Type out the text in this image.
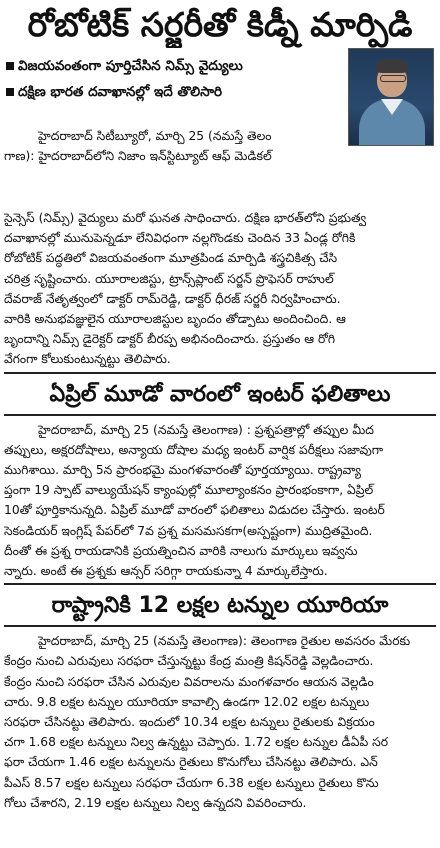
రోబోటిక్ సర్జరీతో కిడ్నీ మార్పిడి
విజయవంతంగా పూర్తిచేసిన నిమ్స్ వైద్యులు
దక్షిణ భారత దవాఖానల్లో ఇదే తొలిసారి
హైదరాబాద్ సిటీబ్యూరో, మార్చి 25 (నమస్తే తెలం
గాణ): హైదరాబాద్‌లోని నిజాం ఇన్‌స్టిట్యూట్ ఆఫ్ మెడికల్
సైన్సెస్ (నిమ్స్) వైద్యులు మరో ఘనత సాధించారు. దక్షిణ భారత్‌లోని ప్రభుత్వ
దవాఖానల్లో మునుపెన్నడూ లేనివిధంగా నల్లగొండకు చెందిన 33 ఏండ్ల రోగికి
రోబోటిక్ పద్ధతిలో విజయవంతంగా మూత్రపిండ మార్పిడి శస్త్రచికిత్స చేసి
చరిత్ర సృష్టించారు. యూరాలజిస్టు, ట్రాన్స్‌ప్లాంట్ సర్జన్ ప్రొఫెసర్ రాహుల్
దేవరాజ్ నేతృత్వంలో డాక్టర్ రామ్‌రెడ్డి, డాక్టర్ ధీరజ్ సర్జరీ నిర్వహించారు.
వారికి అనుభవజ్ఞులైన యూరాలజిస్టుల బృందం తోడ్పాటు అందించింది. ఆ
బృందాన్ని నిమ్స్ డైరెక్టర్ డాక్టర్ బీరప్ప అభినందించారు. ప్రస్తుతం ఆ రోగి
వేగంగా కోలుకుంటున్నట్టు తెలిపారు.
ఏప్రిల్ మూడో వారంలో ఇంటర్ ఫలితాలు
హైదరాబాద్, మార్చి 25 (నమస్తే తెలంగాణ) : ప్రశ్నపత్రాల్లో తప్పుల మీద
తప్పులు, అక్షరదోషాలు, అన్యాయ దోషాల మధ్య ఇంటర్ వార్షిక పరీక్షలు సజావుగా
ముగిశాయి. మార్చి 5న ప్రారంభమై మంగళవారంతో పూర్తయ్యాయి. రాష్ట్రవ్యా
ప్తంగా 19 స్పాట్ వాల్యుయేషన్ క్యాంపుల్లో మూల్యాంకనం ప్రారంభంకాగా, ఏప్రిల్
10తో పూర్తికానున్నది. ఏప్రిల్ మూడో వారంలో ఫలితాలు విడుదల చేస్తారు. ఇంటర్
సెకండియర్ ఇంగ్లిష్ పేపర్‌లో 7వ ప్రశ్న మసమసకగా(అస్పష్టంగా) ముద్రితమైంది.
దీంతో ఈ ప్రశ్న రాయడానికి ప్రయత్నించిన వారికి నాలుగు మార్కులు ఇవ్వను
న్నారు. అంటే ఈ ప్రశ్నకు ఆన్సర్ సరిగ్గా రాయకున్నా 4 మార్కులేస్తారు.
రాష్ట్రానికి 12 లక్షల టన్నుల యూరియా
హైదరాబాద్, మార్చి 25 (నమస్తే తెలంగాణ): తెలంగాణ రైతుల అవసరం మేరకు
కేంద్రం నుంచి ఎరువులు సరఫరా చేస్తున్నట్టు కేంద్ర మంత్రి కిషన్‌రెడ్డి వెల్లడించారు.
కేంద్రం నుంచి సరఫరా చేసిన ఎరువుల వివరాలను మంగళవారం ఆయన వెల్లడిం
చారు. 9.8 లక్షల టన్నుల యూరియా కావాల్సి ఉండగా 12.02 లక్షల టన్నులు
సరఫరా చేసినట్టు తెలిపారు. ఇందులో 10.34 లక్షల టన్నులు రైతులకు విక్రయం
చగా 1.68 లక్షల టన్నులు నిల్వ ఉన్నట్టు చెప్పారు. 1.72 లక్షల టన్నుల డీఏపీ సర
ఫరా చేయగా 1.46 లక్షల టన్నులను రైతులు కొనుగోలు చేసినట్టు తెలిపారు. ఎన్
పీఎస్ 8.57 లక్షల టన్నులు సరఫరా చేయగా 6.38 లక్షల టన్నులు రైతులు కొను
గోలు చేశారని, 2.19 లక్షల టన్నులు నిల్వ ఉన్నదని వివరించారు.
